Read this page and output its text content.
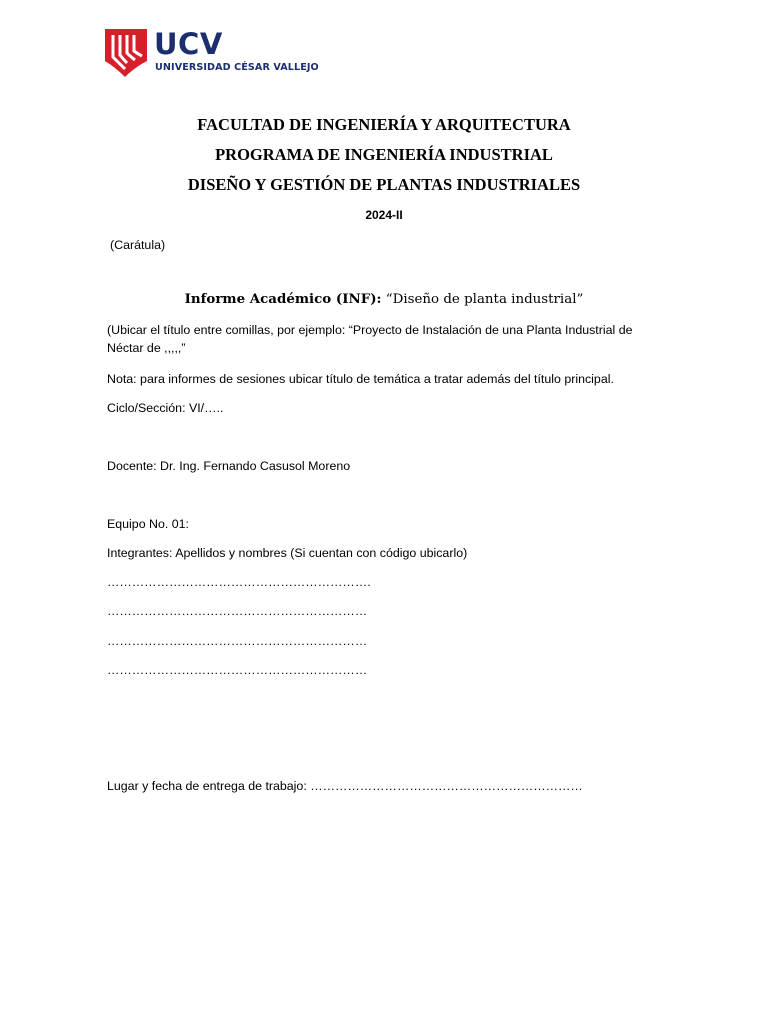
UCV
UNIVERSIDAD CÉSAR VALLEJO
FACULTAD DE INGENIERÍA Y ARQUITECTURA
PROGRAMA DE INGENIERÍA INDUSTRIAL
DISEÑO Y GESTIÓN DE PLANTAS INDUSTRIALES
2024-II
(Carátula)
Informe Académico (INF): “Diseño de planta industrial”
(Ubicar el título entre comillas, por ejemplo: “Proyecto de Instalación de una Planta Industrial de Néctar de ,,,,,”
Nota: para informes de sesiones ubicar título de temática a tratar además del título principal.
Ciclo/Sección: VI/…..
Docente: Dr. Ing. Fernando Casusol Moreno
Equipo No. 01:
Integrantes: Apellidos y nombres (Si cuentan con código ubicarlo)
……………………………………………………….
………………………………………………………
………………………………………………………
………………………………………………………
Lugar y fecha de entrega de trabajo: …………………………………………………………
